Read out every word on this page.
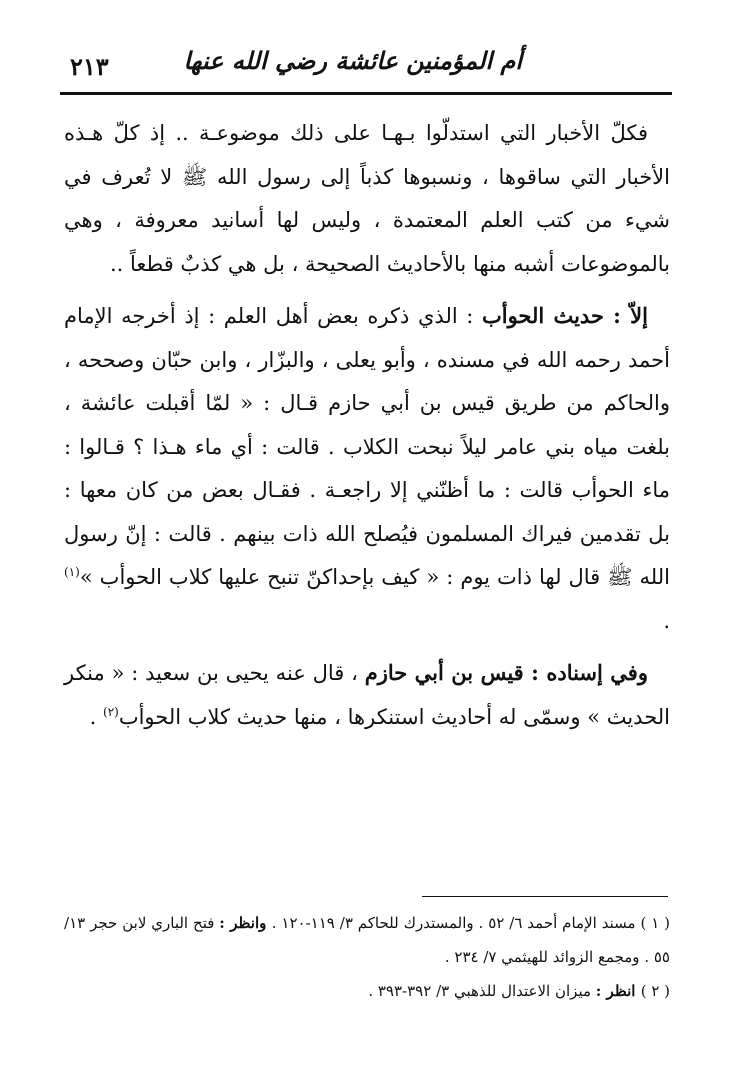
أم المؤمنين عائشة رضي الله عنها
٢١٣

فكلّ الأخبار التي استدلّوا بـهـا على ذلك موضوعـة .. إذ كلّ هـذه الأخبار التي ساقوها ، ونسبوها كذباً إلى رسول الله ﷺ لا تُعرف في شيء من كتب العلم المعتمدة ، وليس لها أسانيد معروفة ، وهي بالموضوعات أشبه منها بالأحاديث الصحيحة ، بل هي كذبٌ قطعاً ..

إلاّ : حديث الحوأب : الذي ذكره بعض أهل العلم : إذ أخرجه الإمام أحمد رحمه الله في مسنده ، وأبو يعلى ، والبزّار ، وابن حبّان وصححه ، والحاكم من طريق قيس بن أبي حازم قـال : « لمّا أقبلت عائشة ، بلغت مياه بني عامر ليلاً نبحت الكلاب . قالت : أي ماء هـذا ؟ قـالوا : ماء الحوأب قالت : ما أظنّني إلا راجعـة . فقـال بعض من كان معها : بل تقدمين فيراك المسلمون فيُصلح الله ذات بينهم . قالت : إنّ رسول الله ﷺ قال لها ذات يوم : « كيف بإحداكنّ تنبح عليها كلاب الحوأب »$^{(١)}$ .

وفي إسناده : قيس بن أبي حازم ، قال عنه يحيى بن سعيد : « منكر الحديث » وسمّى له أحاديث استنكرها ، منها حديث كلاب الحوأب$^{(٢)}$ .

( ١ ) مسند الإمام أحمد ٦/ ٥٢ . والمستدرك للحاكم ٣/ ١١٩-١٢٠ . وانظر : فتح الباري لابن حجر ١٣/ ٥٥ . ومجمع الزوائد للهيثمي ٧/ ٢٣٤ .

( ٢ ) انظر : ميزان الاعتدال للذهبي ٣/ ٣٩٢-٣٩٣ .
